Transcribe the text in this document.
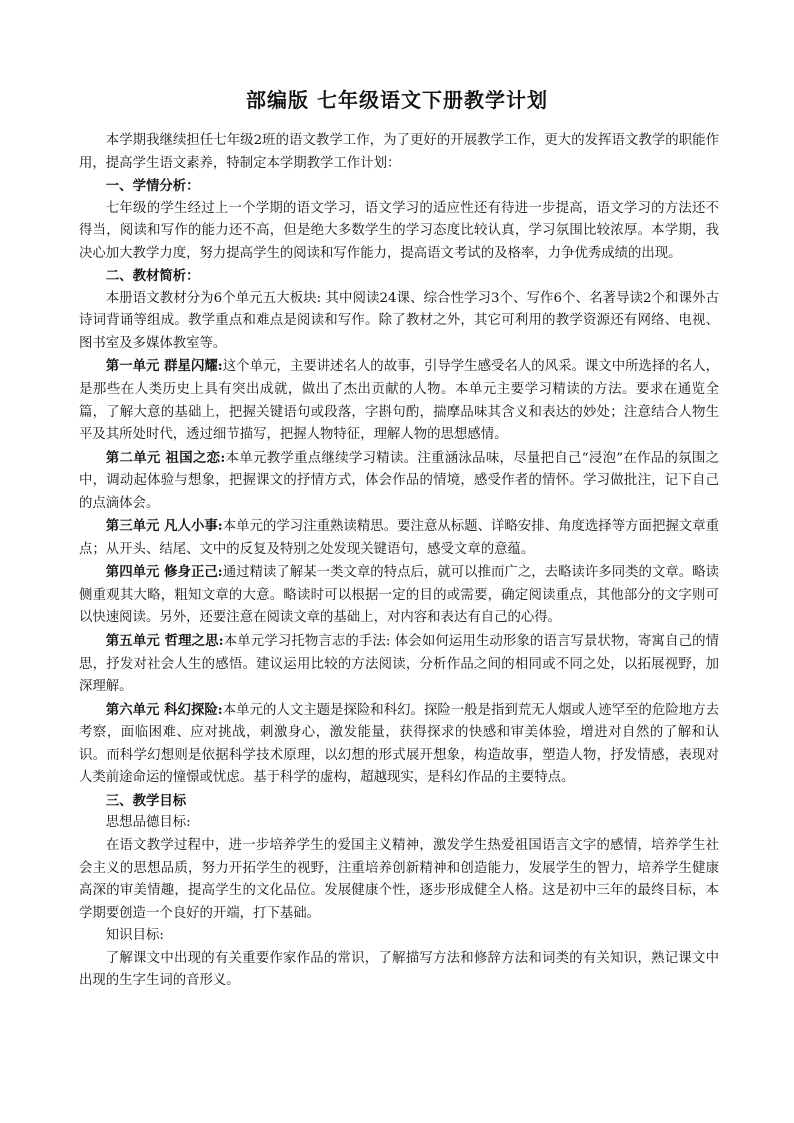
部编版 七年级语文下册教学计划

本学期我继续担任七年级2班的语文教学工作，为了更好的开展教学工作，更大的发挥语文教学的职能作用，提高学生语文素养，特制定本学期教学工作计划：

一、学情分析：

七年级的学生经过上一个学期的语文学习，语文学习的适应性还有待进一步提高，语文学习的方法还不得当，阅读和写作的能力还不高，但是绝大多数学生的学习态度比较认真，学习氛围比较浓厚。本学期，我决心加大教学力度，努力提高学生的阅读和写作能力，提高语文考试的及格率，力争优秀成绩的出现。

二、教材简析：

本册语文教材分为6个单元五大板块: 其中阅读24课、综合性学习3个、写作6个、名著导读2个和课外古诗词背诵等组成。教学重点和难点是阅读和写作。除了教材之外，其它可利用的教学资源还有网络、电视、图书室及多媒体教室等。

第一单元 群星闪耀:这个单元，主要讲述名人的故事，引导学生感受名人的风采。课文中所选择的名人，是那些在人类历史上具有突出成就，做出了杰出贡献的人物。本单元主要学习精读的方法。要求在通览全篇，了解大意的基础上，把握关键语句或段落，字斟句酌，揣摩品味其含义和表达的妙处；注意结合人物生平及其所处时代，透过细节描写，把握人物特征，理解人物的思想感情。

第二单元 祖国之恋:本单元教学重点继续学习精读。注重涵泳品味，尽量把自己“浸泡”在作品的氛围之中，调动起体验与想象，把握课文的抒情方式，体会作品的情境，感受作者的情怀。学习做批注，记下自己的点滴体会。

第三单元 凡人小事:本单元的学习注重熟读精思。要注意从标题、详略安排、角度选择等方面把握文章重点；从开头、结尾、文中的反复及特别之处发现关键语句，感受文章的意蕴。

第四单元 修身正己:通过精读了解某一类文章的特点后，就可以推而广之，去略读许多同类的文章。略读侧重观其大略，粗知文章的大意。略读时可以根据一定的目的或需要，确定阅读重点，其他部分的文字则可以快速阅读。另外，还要注意在阅读文章的基础上，对内容和表达有自己的心得。

第五单元 哲理之思:本单元学习托物言志的手法: 体会如何运用生动形象的语言写景状物，寄寓自己的情思，抒发对社会人生的感悟。建议运用比较的方法阅读，分析作品之间的相同或不同之处，以拓展视野，加深理解。

第六单元 科幻探险:本单元的人文主题是探险和科幻。探险一般是指到荒无人烟或人迹罕至的危险地方去考察，面临困难、应对挑战，刺激身心，激发能量，获得探求的快感和审美体验，增进对自然的了解和认识。而科学幻想则是依据科学技术原理，以幻想的形式展开想象，构造故事，塑造人物，抒发情感，表现对人类前途命运的憧憬或忧虑。基于科学的虚构，超越现实，是科幻作品的主要特点。

三、教学目标

思想品德目标:

在语文教学过程中，进一步培养学生的爱国主义精神，激发学生热爱祖国语言文字的感情，培养学生社会主义的思想品质，努力开拓学生的视野，注重培养创新精神和创造能力，发展学生的智力，培养学生健康高深的审美情趣，提高学生的文化品位。发展健康个性，逐步形成健全人格。这是初中三年的最终目标，本学期要创造一个良好的开端，打下基础。

知识目标:

了解课文中出现的有关重要作家作品的常识，了解描写方法和修辞方法和词类的有关知识，熟记课文中出现的生字生词的音形义。
